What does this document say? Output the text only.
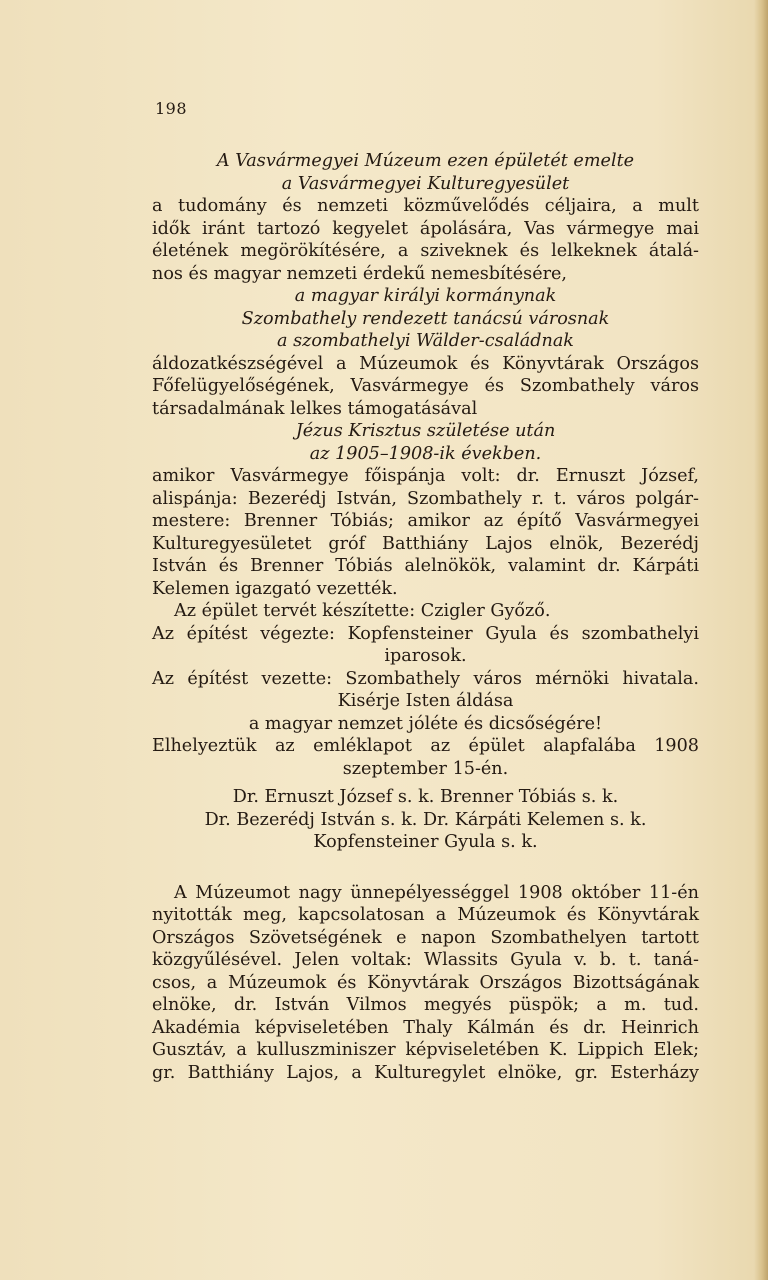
198
A Vasvármegyei Múzeum ezen épületét emelte
a Vasvármegyei Kulturegyesület
a tudomány és nemzeti közművelődés céljaira, a mult
idők iránt tartozó kegyelet ápolására, Vas vármegye mai
életének megörökítésére, a sziveknek és lelkeknek átalá-
nos és magyar nemzeti érdekű nemesbítésére,
a magyar királyi kormánynak
Szombathely rendezett tanácsú városnak
a szombathelyi Wälder-családnak
áldozatkészségével a Múzeumok és Könyvtárak Országos
Főfelügyelőségének, Vasvármegye és Szombathely város
társadalmának lelkes támogatásával
Jézus Krisztus születése után
az 1905–1908-ik években.
amikor Vasvármegye főispánja volt: dr. Ernuszt József,
alispánja: Bezerédj István, Szombathely r. t. város polgár-
mestere: Brenner Tóbiás; amikor az építő Vasvármegyei
Kulturegyesületet gróf Batthiány Lajos elnök, Bezerédj
István és Brenner Tóbiás alelnökök, valamint dr. Kárpáti
Kelemen igazgató vezették.
Az épület tervét készítette: Czigler Győző.
Az építést végezte: Kopfensteiner Gyula és szombathelyi
iparosok.
Az építést vezette: Szombathely város mérnöki hivatala.
Kisérje Isten áldása
a magyar nemzet jóléte és dicsőségére!
Elhelyeztük az emléklapot az épület alapfalába 1908
szeptember 15-én.
Dr. Ernuszt József s. k. Brenner Tóbiás s. k.
Dr. Bezerédj István s. k. Dr. Kárpáti Kelemen s. k.
Kopfensteiner Gyula s. k.
A Múzeumot nagy ünnepélyességgel 1908 október 11-én
nyitották meg, kapcsolatosan a Múzeumok és Könyvtárak
Országos Szövetségének e napon Szombathelyen tartott
közgyűlésével. Jelen voltak: Wlassits Gyula v. b. t. taná-
csos, a Múzeumok és Könyvtárak Országos Bizottságának
elnöke, dr. István Vilmos megyés püspök; a m. tud.
Akadémia képviseletében Thaly Kálmán és dr. Heinrich
Gusztáv, a kulluszminiszer képviseletében K. Lippich Elek;
gr. Batthiány Lajos, a Kulturegylet elnöke, gr. Esterházy
